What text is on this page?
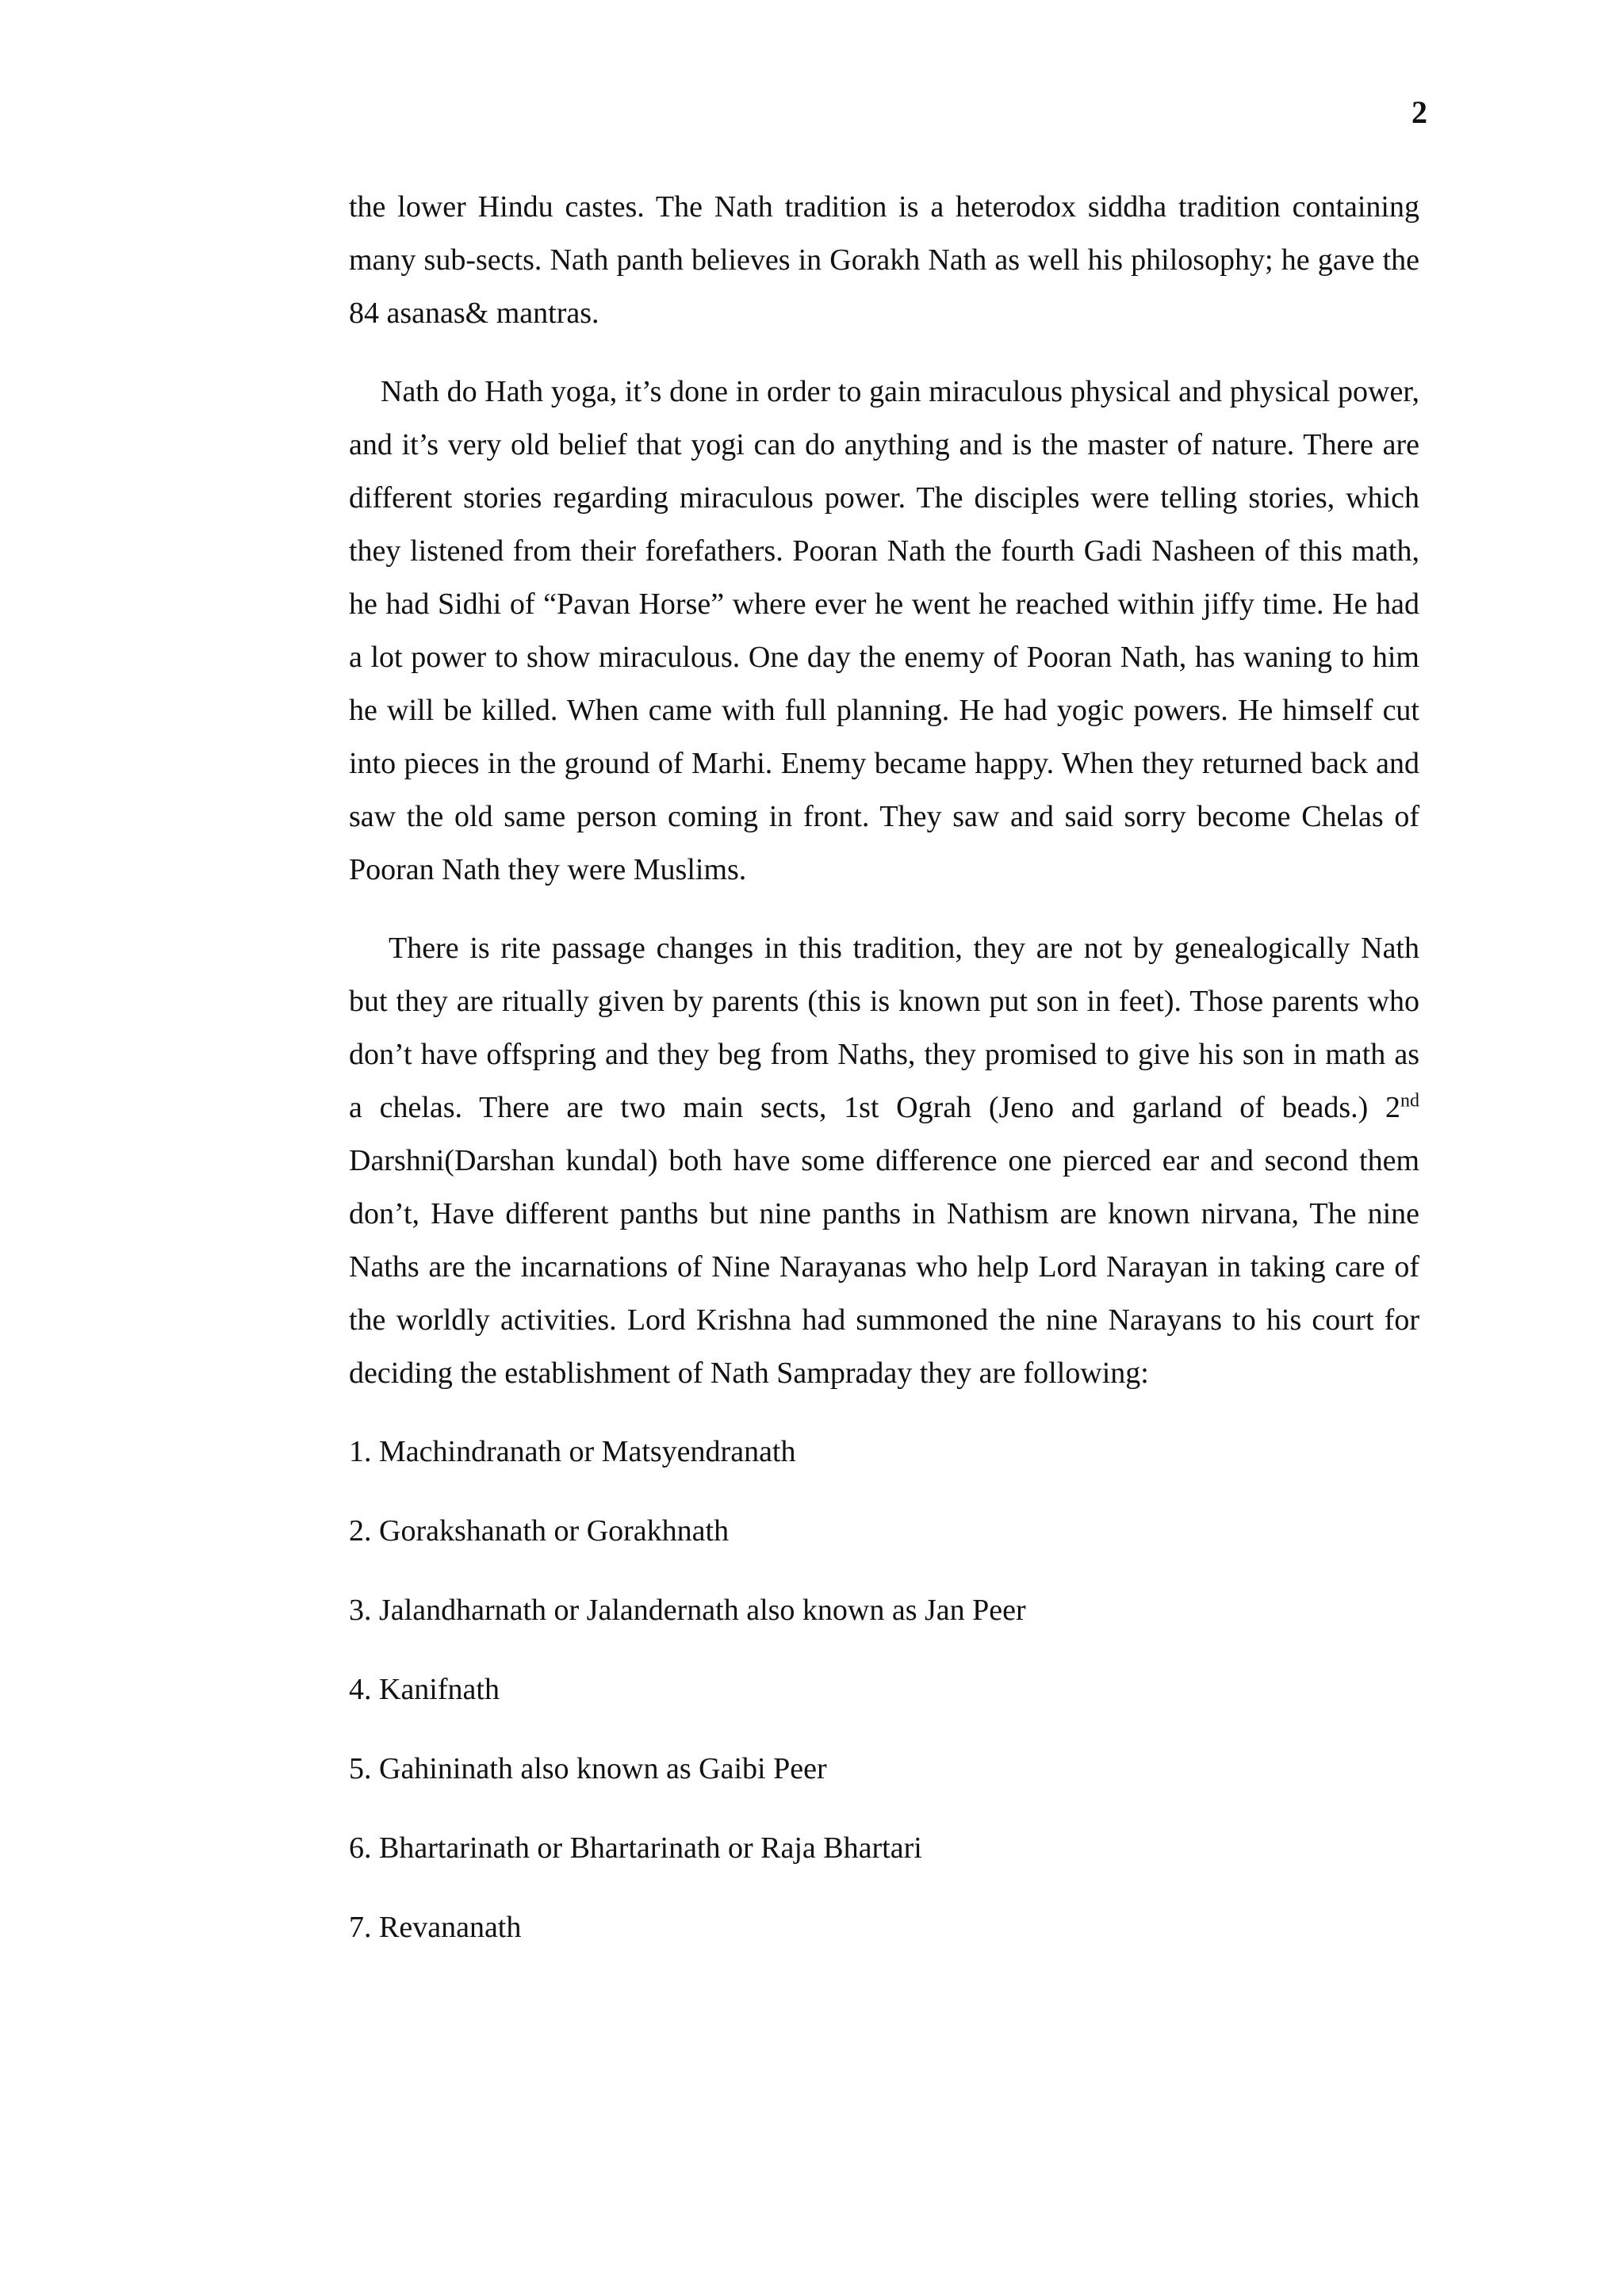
2

the lower Hindu castes. The Nath tradition is a heterodox siddha tradition containing many sub-sects. Nath panth believes in Gorakh Nath as well his philosophy; he gave the 84 asanas& mantras.

Nath do Hath yoga, it’s done in order to gain miraculous physical and physical power, and it’s very old belief that yogi can do anything and is the master of nature. There are different stories regarding miraculous power. The disciples were telling stories, which they listened from their forefathers. Pooran Nath the fourth Gadi Nasheen of this math, he had Sidhi of “Pavan Horse” where ever he went he reached within jiffy time. He had a lot power to show miraculous. One day the enemy of Pooran Nath, has waning to him he will be killed. When came with full planning. He had yogic powers. He himself cut into pieces in the ground of Marhi. Enemy became happy. When they returned back and saw the old same person coming in front. They saw and said sorry become Chelas of Pooran Nath they were Muslims.

There is rite passage changes in this tradition, they are not by genealogically Nath but they are ritually given by parents (this is known put son in feet). Those parents who don’t have offspring and they beg from Naths, they promised to give his son in math as a chelas. There are two main sects, 1st Ograh (Jeno and garland of beads.) 2nd Darshni(Darshan kundal) both have some difference one pierced ear and second them don’t, Have different panths but nine panths in Nathism are known nirvana, The nine Naths are the incarnations of Nine Narayanas who help Lord Narayan in taking care of the worldly activities. Lord Krishna had summoned the nine Narayans to his court for deciding the establishment of Nath Sampraday they are following:

1. Machindranath or Matsyendranath
2. Gorakshanath or Gorakhnath
3. Jalandharnath or Jalandernath also known as Jan Peer
4. Kanifnath
5. Gahininath also known as Gaibi Peer
6. Bhartarinath or Bhartarinath or Raja Bhartari
7. Revananath
